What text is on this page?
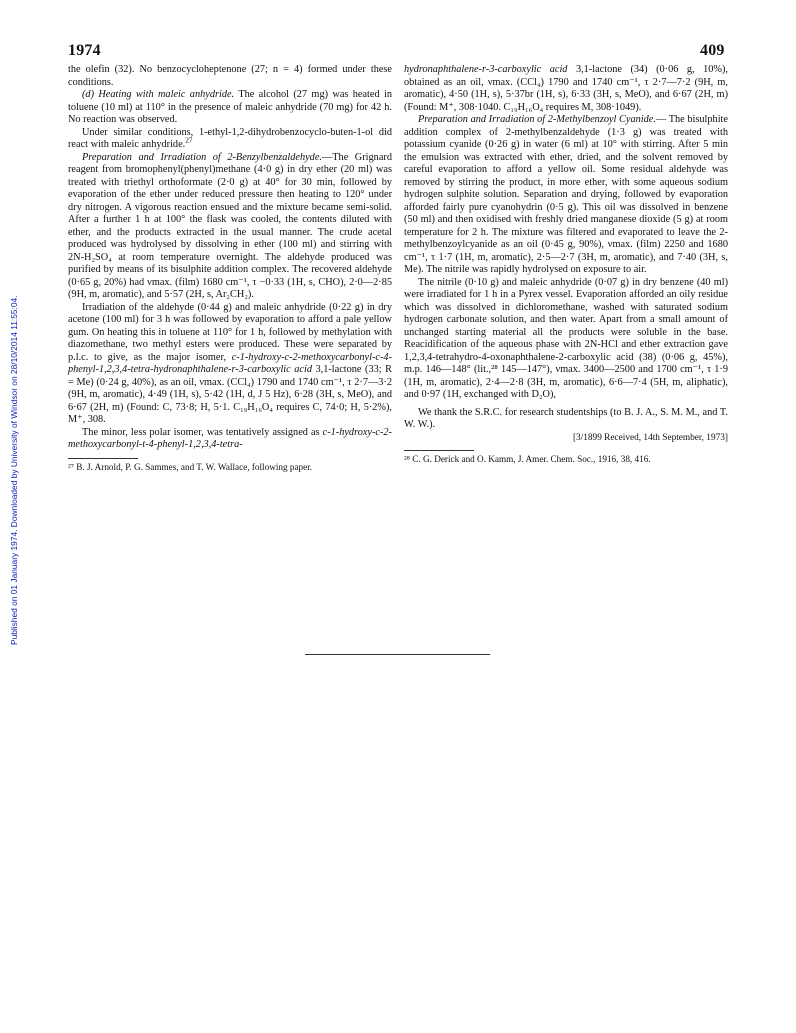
Published on 01 January 1974. Downloaded by University of Windsor on 28/10/2014 11:55:04.
1974	409

the olefin (32). No benzocycloheptenone (27; n = 4) formed under these conditions.

(d) Heating with maleic anhydride. The alcohol (27 mg) was heated in toluene (10 ml) at 110° in the presence of maleic anhydride (70 mg) for 42 h. No reaction was observed.

Under similar conditions, 1-ethyl-1,2-dihydrobenzocyclo-buten-1-ol did react with maleic anhydride.$^{27}$

Preparation and Irradiation of 2-Benzylbenzaldehyde.—The Grignard reagent from bromophenyl(phenyl)methane (4·0 g) in dry ether (20 ml) was treated with triethyl orthoformate (2·0 g) at 40° for 30 min, followed by evaporation of the ether under reduced pressure then heating to 120° under dry nitrogen. A vigorous reaction ensued and the mixture became semi-solid. After a further 1 h at 100° the flask was cooled, the contents diluted with ether, and the products extracted in the usual manner. The crude acetal produced was hydrolysed by dissolving in ether (100 ml) and stirring with 2N-H₂SO₄ at room temperature overnight. The aldehyde produced was purified by means of its bisulphite addition complex. The recovered aldehyde (0·65 g, 20%) had νmax. (film) 1680 cm⁻¹, τ −0·33 (1H, s, CHO), 2·0—2·85 (9H, m, aromatic), and 5·57 (2H, s, Ar₂CH₂).

Irradiation of the aldehyde (0·44 g) and maleic anhydride (0·22 g) in dry acetone (100 ml) for 3 h was followed by evaporation to afford a pale yellow gum. On heating this in toluene at 110° for 1 h, followed by methylation with diazomethane, two methyl esters were produced. These were separated by p.l.c. to give, as the major isomer, c-1-hydroxy-c-2-methoxycarbonyl-c-4-phenyl-1,2,3,4-tetra-hydronaphthalene-r-3-carboxylic acid 3,1-lactone (33; R = Me) (0·24 g, 40%), as an oil, νmax. (CCl₄) 1790 and 1740 cm⁻¹, τ 2·7—3·2 (9H, m, aromatic), 4·49 (1H, s), 5·42 (1H, d, J 5 Hz), 6·28 (3H, s, MeO), and 6·67 (2H, m) (Found: C, 73·8; H, 5·1. C₁₉H₁₆O₄ requires C, 74·0; H, 5·2%), M⁺, 308.

The minor, less polar isomer, was tentatively assigned as c-1-hydroxy-c-2-methoxycarbonyl-t-4-phenyl-1,2,3,4-tetra-

²⁷ B. J. Arnold, P. G. Sammes, and T. W. Wallace, following paper.

hydronaphthalene-r-3-carboxylic acid 3,1-lactone (34) (0·06 g, 10%), obtained as an oil, νmax. (CCl₄) 1790 and 1740 cm⁻¹, τ 2·7—7·2 (9H, m, aromatic), 4·50 (1H, s), 5·37br (1H, s), 6·33 (3H, s, MeO), and 6·67 (2H, m) (Found: M⁺, 308·1040. C₁₉H₁₆O₄ requires M, 308·1049).

Preparation and Irradiation of 2-Methylbenzoyl Cyanide.— The bisulphite addition complex of 2-methylbenzaldehyde (1·3 g) was treated with potassium cyanide (0·26 g) in water (6 ml) at 10° with stirring. After 5 min the emulsion was extracted with ether, dried, and the solvent removed by careful evaporation to afford a yellow oil. Some residual aldehyde was removed by stirring the product, in more ether, with some aqueous sodium hydrogen sulphite solution. Separation and drying, followed by evaporation afforded fairly pure cyanohydrin (0·5 g). This oil was dissolved in benzene (50 ml) and then oxidised with freshly dried manganese dioxide (5 g) at room temperature for 2 h. The mixture was filtered and evaporated to leave the 2-methylbenzoylcyanide as an oil (0·45 g, 90%), νmax. (film) 2250 and 1680 cm⁻¹, τ 1·7 (1H, m, aromatic), 2·5—2·7 (3H, m, aromatic), and 7·40 (3H, s, Me). The nitrile was rapidly hydrolysed on exposure to air.

The nitrile (0·10 g) and maleic anhydride (0·07 g) in dry benzene (40 ml) were irradiated for 1 h in a Pyrex vessel. Evaporation afforded an oily residue which was dissolved in dichloromethane, washed with saturated sodium hydrogen carbonate solution, and then water. Apart from a small amount of unchanged starting material all the products were soluble in the base. Reacidification of the aqueous phase with 2N-HCl and ether extraction gave 1,2,3,4-tetrahydro-4-oxonaphthalene-2-carboxylic acid (38) (0·06 g, 45%), m.p. 146—148° (lit.,²⁸ 145—147°), νmax. 3400—2500 and 1700 cm⁻¹, τ 1·9 (1H, m, aromatic), 2·4—2·8 (3H, m, aromatic), 6·6—7·4 (5H, m, aliphatic), and 0·97 (1H, exchanged with D₂O),

We thank the S.R.C. for research studentships (to B. J. A., S. M. M., and T. W. W.).

[3/1899 Received, 14th September, 1973]

²⁸ C. G. Derick and O. Kamm, J. Amer. Chem. Soc., 1916, 38, 416.
